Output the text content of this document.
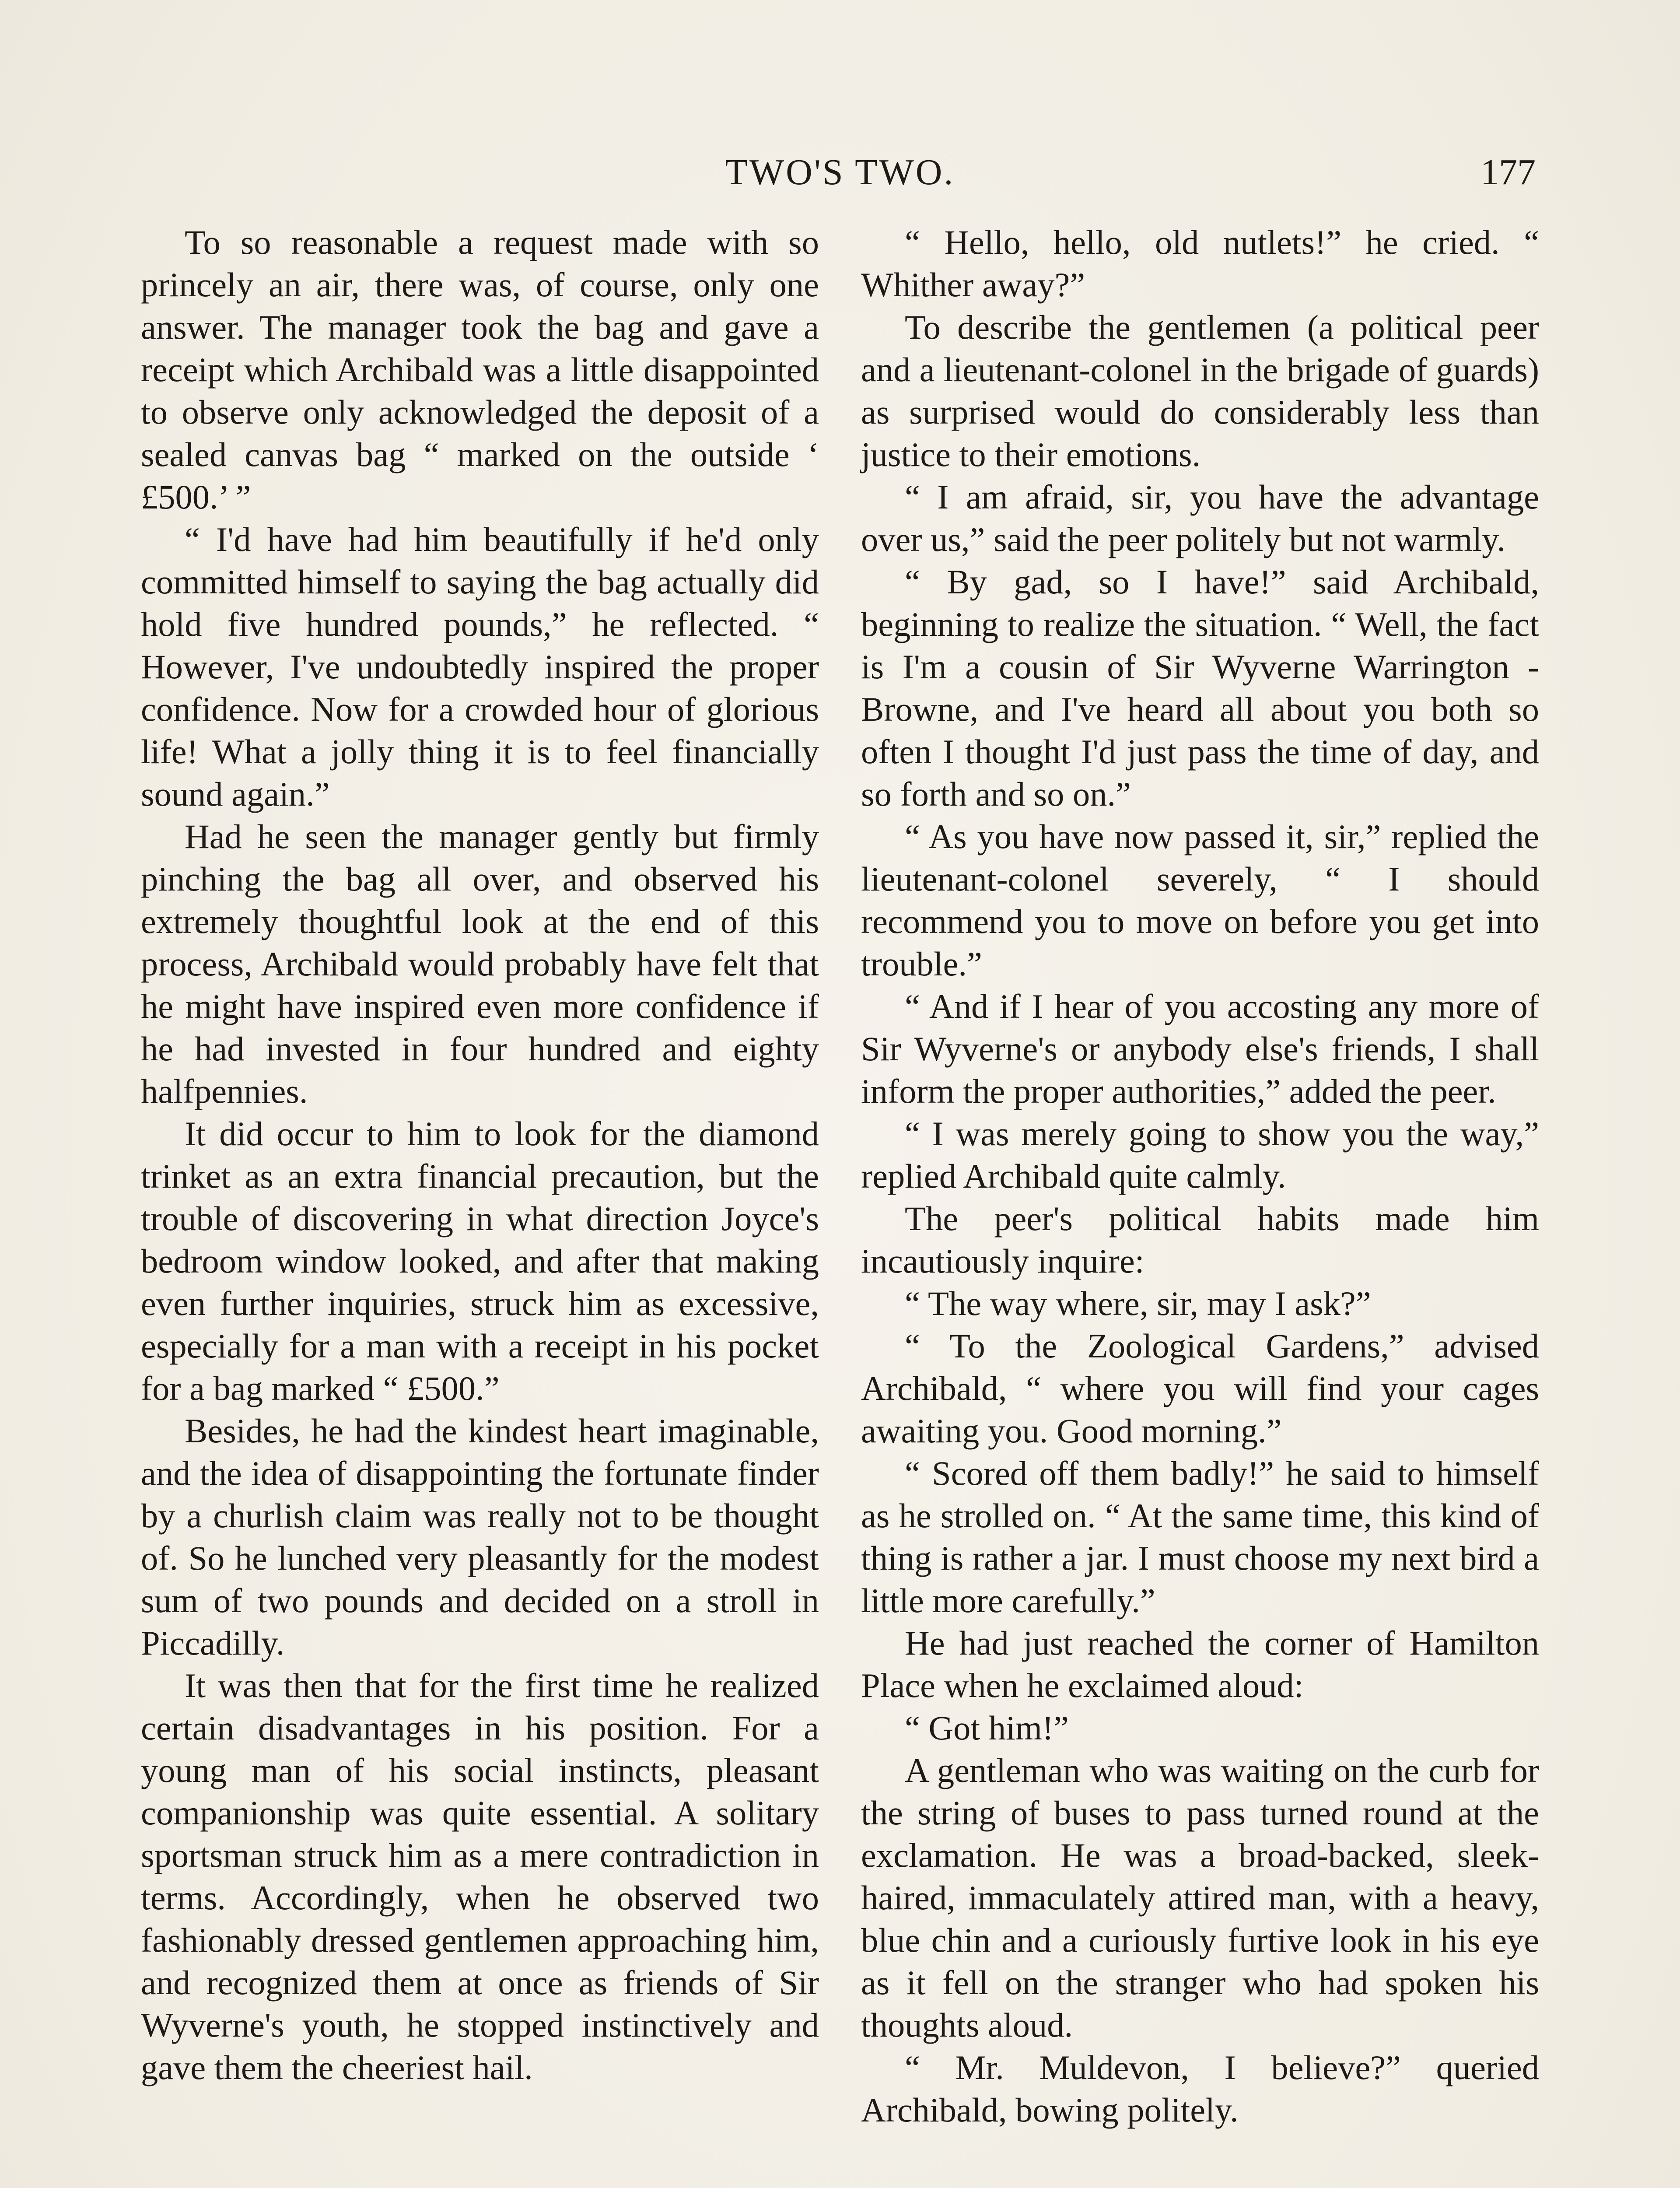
TWO'S TWO.	177

To so reasonable a request made with so princely an air, there was, of course, only one answer. The manager took the bag and gave a receipt which Archibald was a little disappointed to observe only acknowledged the deposit of a sealed canvas bag “ marked on the outside ‘ £500.’ ”

“ I'd have had him beautifully if he'd only committed himself to saying the bag actually did hold five hundred pounds,” he reflected. “ However, I've undoubtedly inspired the proper confidence. Now for a crowded hour of glorious life! What a jolly thing it is to feel financially sound again.”

Had he seen the manager gently but firmly pinching the bag all over, and observed his extremely thoughtful look at the end of this process, Archibald would probably have felt that he might have inspired even more confidence if he had invested in four hundred and eighty halfpennies.

It did occur to him to look for the diamond trinket as an extra financial precaution, but the trouble of discovering in what direction Joyce's bedroom window looked, and after that making even further inquiries, struck him as excessive, especially for a man with a receipt in his pocket for a bag marked “ £500.”

Besides, he had the kindest heart imaginable, and the idea of disappointing the fortunate finder by a churlish claim was really not to be thought of. So he lunched very pleasantly for the modest sum of two pounds and decided on a stroll in Piccadilly.

It was then that for the first time he realized certain disadvantages in his position. For a young man of his social instincts, pleasant companionship was quite essential. A solitary sportsman struck him as a mere contradiction in terms. Accordingly, when he observed two fashionably dressed gentlemen approaching him, and recognized them at once as friends of Sir Wyverne's youth, he stopped instinctively and gave them the cheeriest hail.

“ Hello, hello, old nutlets!” he cried. “ Whither away?”

To describe the gentlemen (a political peer and a lieutenant-colonel in the brigade of guards) as surprised would do considerably less than justice to their emotions.

“ I am afraid, sir, you have the advantage over us,” said the peer politely but not warmly.

“ By gad, so I have!” said Archibald, beginning to realize the situation. “ Well, the fact is I'm a cousin of Sir Wyverne Warrington - Browne, and I've heard all about you both so often I thought I'd just pass the time of day, and so forth and so on.”

“ As you have now passed it, sir,” replied the lieutenant-colonel severely, “ I should recommend you to move on before you get into trouble.”

“ And if I hear of you accosting any more of Sir Wyverne's or anybody else's friends, I shall inform the proper authorities,” added the peer.

“ I was merely going to show you the way,” replied Archibald quite calmly.

The peer's political habits made him incautiously inquire:

“ The way where, sir, may I ask?”

“ To the Zoological Gardens,” advised Archibald, “ where you will find your cages awaiting you. Good morning.”

“ Scored off them badly!” he said to himself as he strolled on. “ At the same time, this kind of thing is rather a jar. I must choose my next bird a little more carefully.”

He had just reached the corner of Hamilton Place when he exclaimed aloud:

“ Got him!”

A gentleman who was waiting on the curb for the string of buses to pass turned round at the exclamation. He was a broad-backed, sleek-haired, immaculately attired man, with a heavy, blue chin and a curiously furtive look in his eye as it fell on the stranger who had spoken his thoughts aloud.

“ Mr. Muldevon, I believe?” queried Archibald, bowing politely.
